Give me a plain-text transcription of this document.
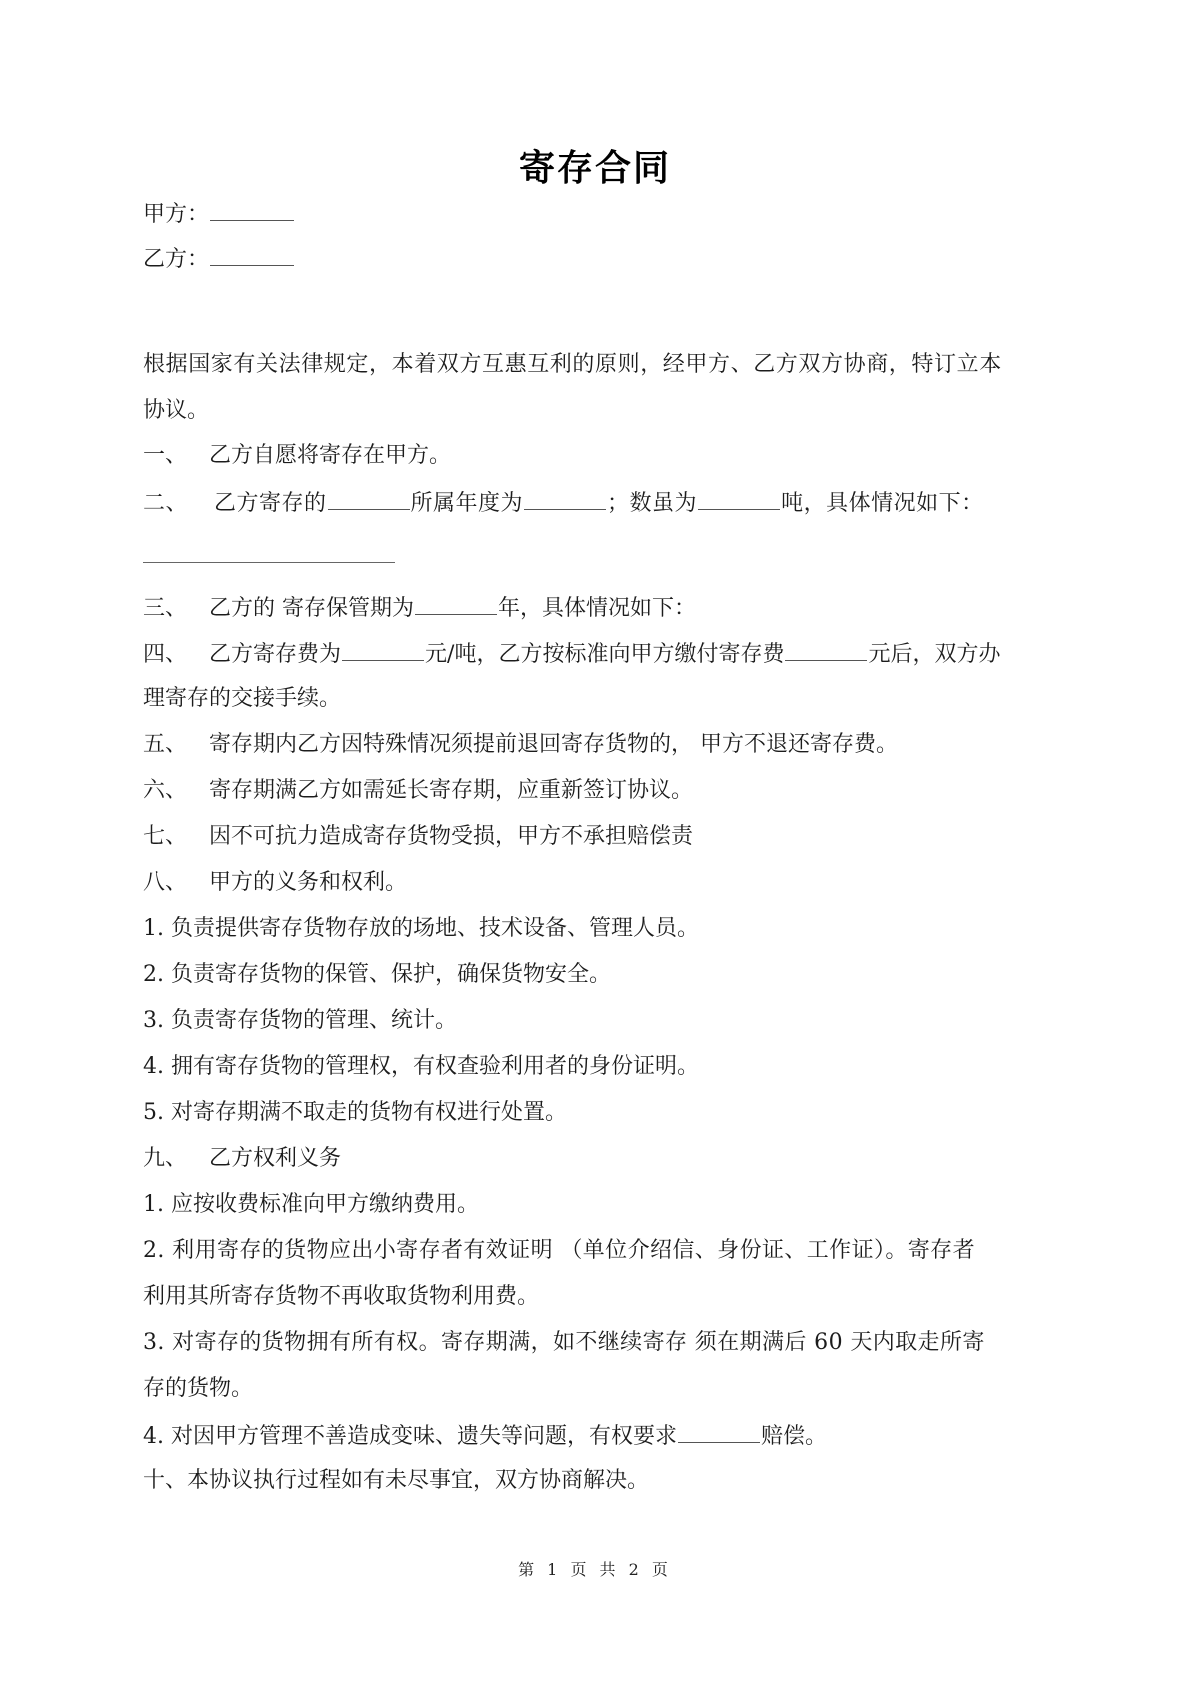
寄存合同
甲方：
乙方：
根据国家有关法律规定，本着双方互惠互利的原则，经甲方、乙方双方协商，特订立本
协议。
一、 乙方自愿将寄存在甲方。
二、 乙方寄存的	所属年度为	；数虽为	吨，具体情况如下：
三、 乙方的 寄存保管期为	年，具体情况如下：
四、 乙方寄存费为	元/吨，乙方按标准向甲方缴付寄存费	元后，双方办
理寄存的交接手续。
五、 寄存期内乙方因特殊情况须提前退回寄存货物的， 甲方不退还寄存费。
六、 寄存期满乙方如需延长寄存期，应重新签订协议。
七、 因不可抗力造成寄存货物受损，甲方不承担赔偿责
八、 甲方的义务和权利。
1. 负责提供寄存货物存放的场地、技术设备、管理人员。
2. 负责寄存货物的保管、保护，确保货物安全。
3. 负责寄存货物的管理、统计。
4. 拥有寄存货物的管理权，有权查验利用者的身份证明。
5. 对寄存期满不取走的货物有权进行处置。
九、 乙方权利义务
1. 应按收费标准向甲方缴纳费用。
2. 利用寄存的货物应出小寄存者有效证明 （单位介绍信、身份证、工作证）。寄存者
利用其所寄存货物不再收取货物利用费。
3. 对寄存的货物拥有所有权。寄存期满，如不继续寄存 须在期满后 60 天内取走所寄
存的货物。
4. 对因甲方管理不善造成变味、遗失等问题，有权要求	赔偿。
十、本协议执行过程如有未尽事宜，双方协商解决。
第 1 页 共 2 页
